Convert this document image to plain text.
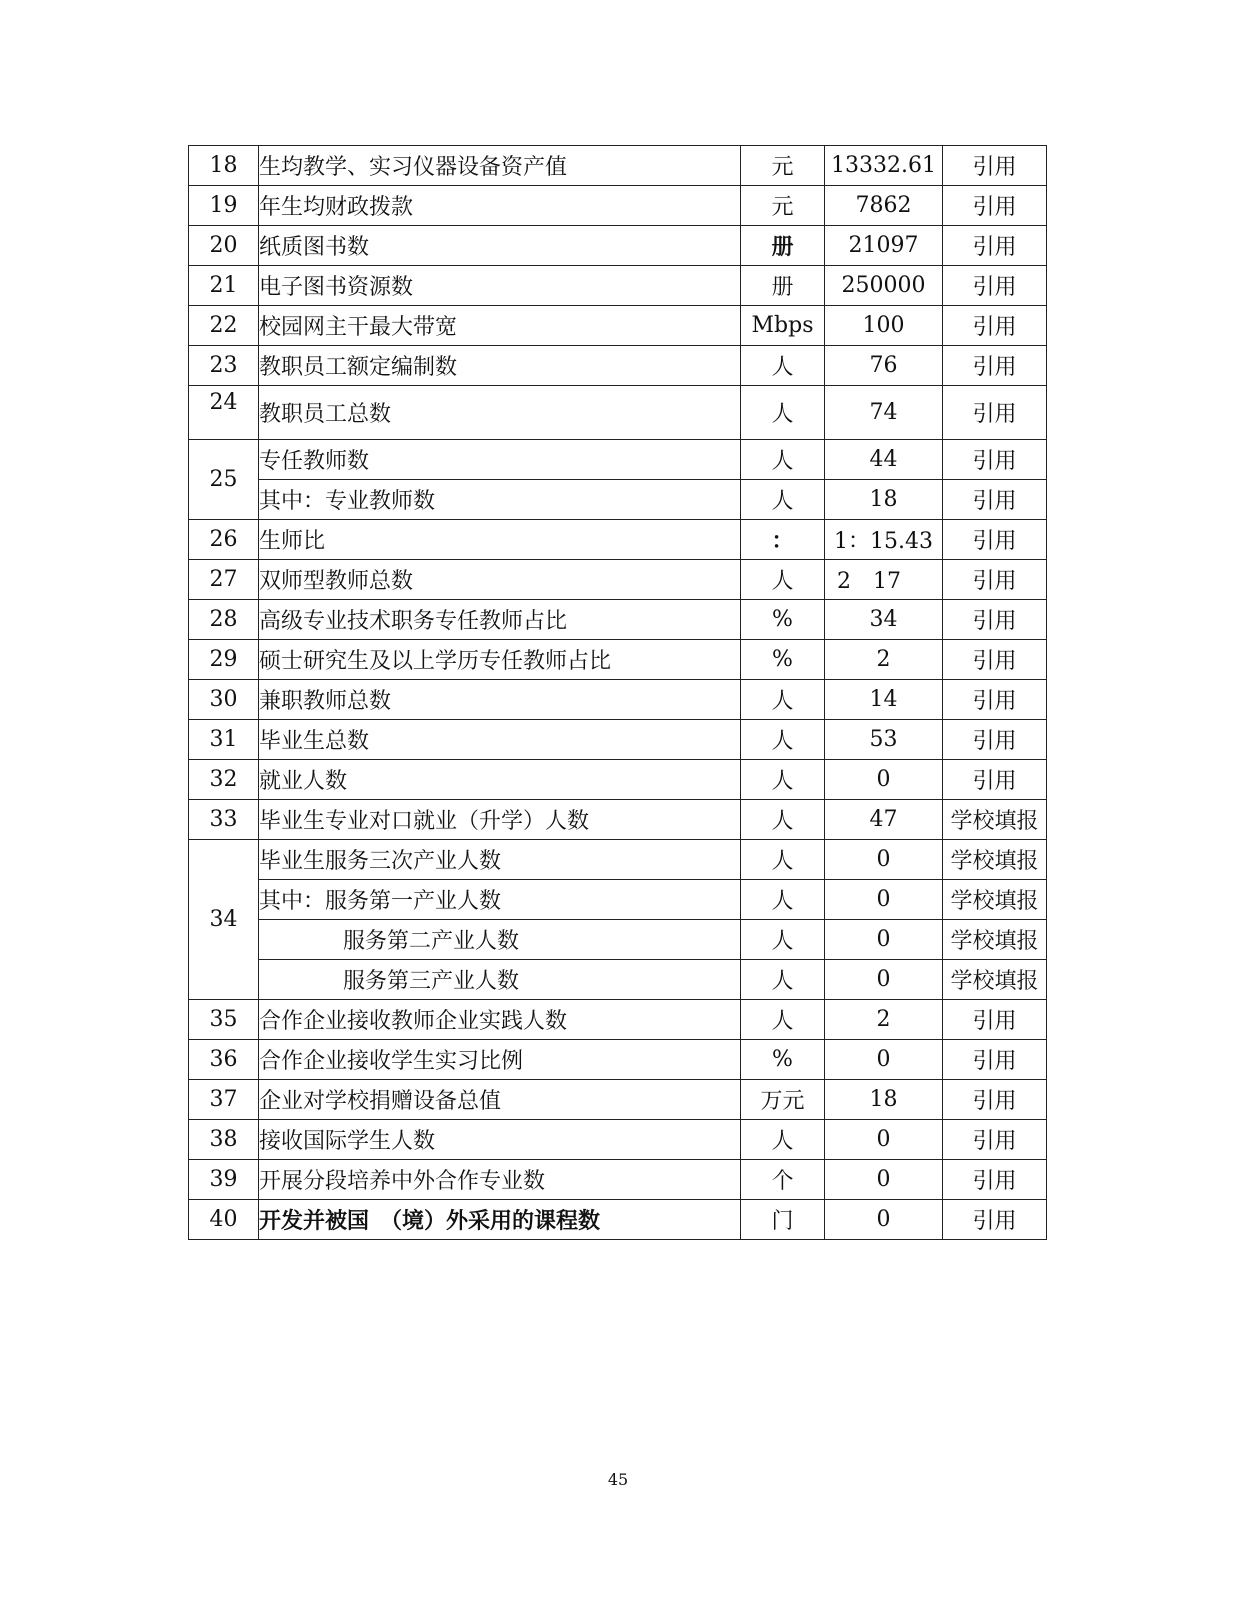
18	生均教学、实习仪器设备资产值	元	13332.61	引用
19	年生均财政拨款	元	7862	引用
20	纸质图书数	册	21097	引用
21	电子图书资源数	册	250000	引用
22	校园网主干最大带宽	Mbps	100	引用
23	教职员工额定编制数	人	76	引用
24	教职员工总数	人	74	引用
25	专任教师数	人	44	引用
	其中：专业教师数	人	18	引用
26	生师比	：	1：15.43	引用
27	双师型教师总数	人	2　17	引用
28	高级专业技术职务专任教师占比	%	34	引用
29	硕士研究生及以上学历专任教师占比	%	2	引用
30	兼职教师总数	人	14	引用
31	毕业生总数	人	53	引用
32	就业人数	人	0	引用
33	毕业生专业对口就业（升学）人数	人	47	学校填报
34	毕业生服务三次产业人数	人	0	学校填报
	其中：服务第一产业人数	人	0	学校填报
	服务第二产业人数	人	0	学校填报
	服务第三产业人数	人	0	学校填报
35	合作企业接收教师企业实践人数	人	2	引用
36	合作企业接收学生实习比例	%	0	引用
37	企业对学校捐赠设备总值	万元	18	引用
38	接收国际学生人数	人	0	引用
39	开展分段培养中外合作专业数	个	0	引用
40	开发并被国　（境）外采用的课程数	门	0	引用
45
